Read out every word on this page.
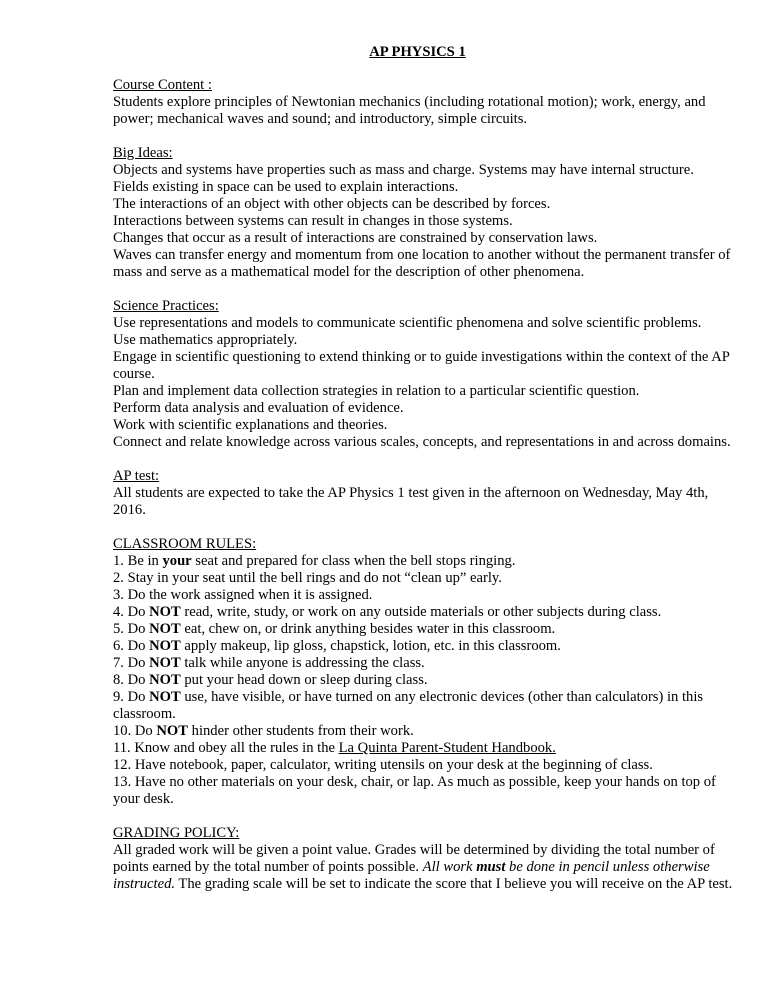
AP PHYSICS 1
Course Content :
Students explore principles of Newtonian mechanics (including rotational motion); work, energy, and power; mechanical waves and sound; and introductory, simple circuits.
Big Ideas:
Objects and systems have properties such as mass and charge. Systems may have internal structure.
Fields existing in space can be used to explain interactions.
The interactions of an object with other objects can be described by forces.
Interactions between systems can result in changes in those systems.
Changes that occur as a result of interactions are constrained by conservation laws.
Waves can transfer energy and momentum from one location to another without the permanent transfer of mass and serve as a mathematical model for the description of other phenomena.
Science Practices:
Use representations and models to communicate scientific phenomena and solve scientific problems.
Use mathematics appropriately.
Engage in scientific questioning to extend thinking or to guide investigations within the context of the AP course.
Plan and implement data collection strategies in relation to a particular scientific question.
Perform data analysis and evaluation of evidence.
Work with scientific explanations and theories.
Connect and relate knowledge across various scales, concepts, and representations in and across domains.
AP test:
All students are expected to take the AP Physics 1 test given in the afternoon on Wednesday, May 4th, 2016.
CLASSROOM RULES:
1. Be in your seat and prepared for class when the bell stops ringing.
2. Stay in your seat until the bell rings and do not “clean up” early.
3. Do the work assigned when it is assigned.
4. Do NOT read, write, study, or work on any outside materials or other subjects during class.
5. Do NOT eat, chew on, or drink anything besides water in this classroom.
6. Do NOT apply makeup, lip gloss, chapstick, lotion, etc. in this classroom.
7. Do NOT talk while anyone is addressing the class.
8. Do NOT put your head down or sleep during class.
9. Do NOT use, have visible, or have turned on any electronic devices (other than calculators) in this classroom.
10. Do NOT hinder other students from their work.
11. Know and obey all the rules in the La Quinta Parent-Student Handbook.
12. Have notebook, paper, calculator, writing utensils on your desk at the beginning of class.
13. Have no other materials on your desk, chair, or lap. As much as possible, keep your hands on top of your desk.
GRADING POLICY:
All graded work will be given a point value. Grades will be determined by dividing the total number of points earned by the total number of points possible. All work must be done in pencil unless otherwise instructed. The grading scale will be set to indicate the score that I believe you will receive on the AP test.
